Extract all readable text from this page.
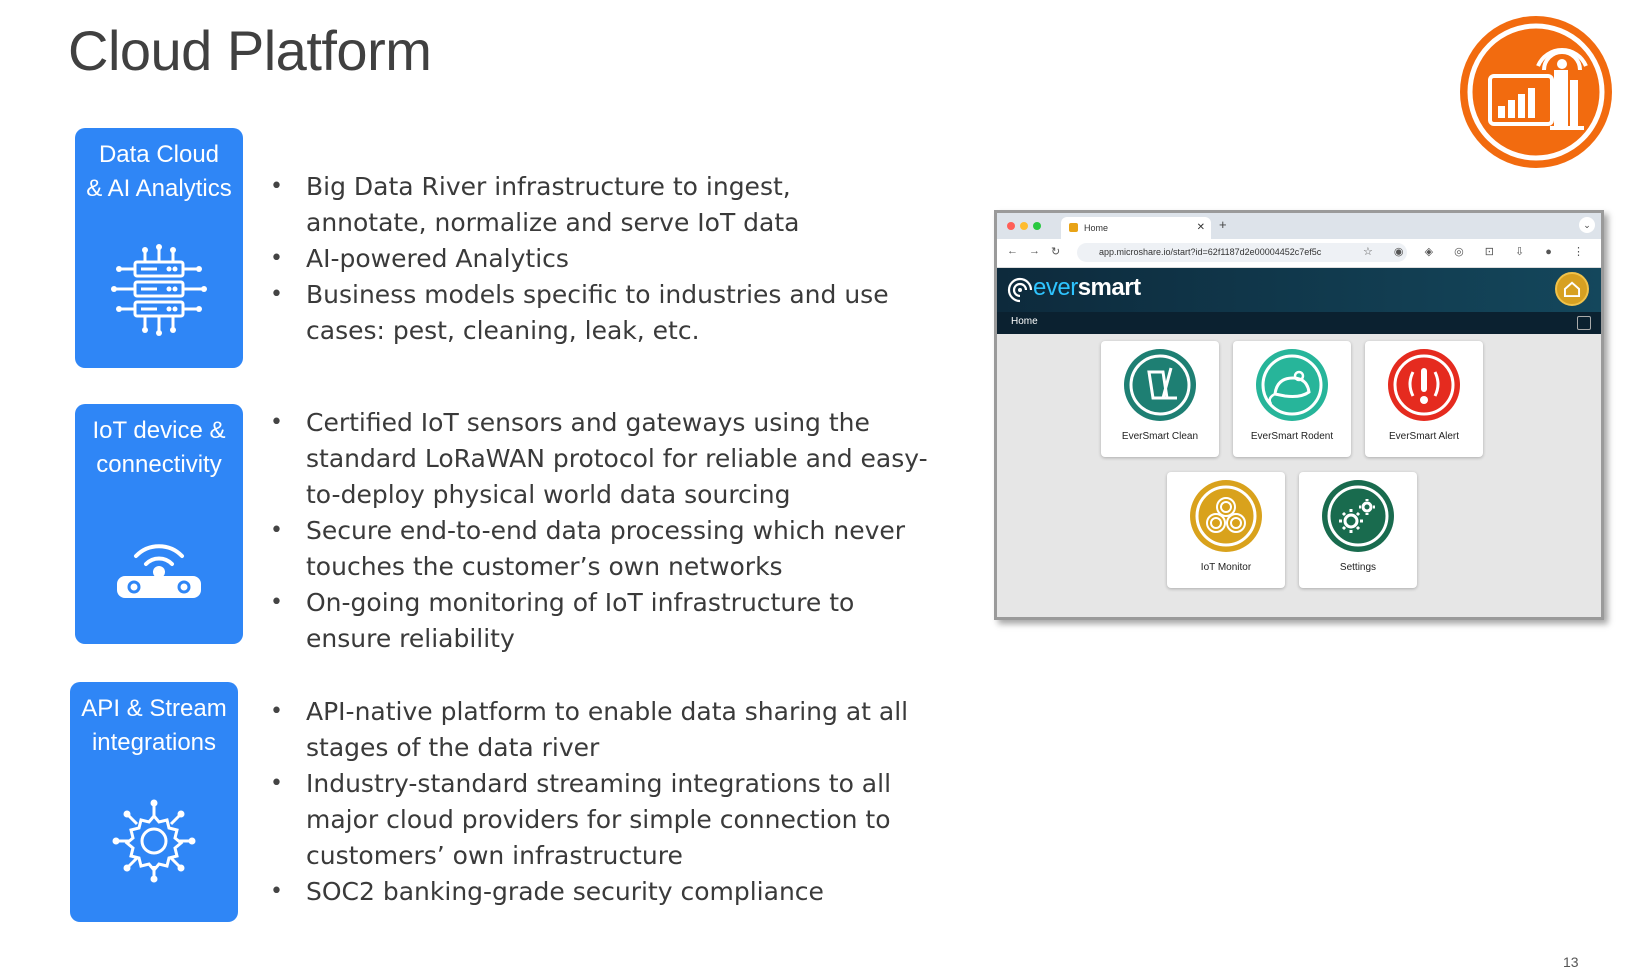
Cloud Platform
Data Cloud
& AI Analytics
•	Big Data River infrastructure to ingest, annotate, normalize and serve IoT data
• AI-powered Analytics
• Business models specific to industries and use cases: pest, cleaning, leak, etc.
IoT device &
connectivity
• Certified IoT sensors and gateways using the standard LoRaWAN protocol for reliable and easy-to-deploy physical world data sourcing
• Secure end-to-end data processing which never touches the customer’s own networks
• On-going monitoring of IoT infrastructure to ensure reliability
API & Stream
integrations
• API-native platform to enable data sharing at all stages of the data river
• Industry-standard streaming integrations to all major cloud providers for simple connection to customers’ own infrastructure
• SOC2 banking-grade security compliance
Home	✕ +	⌄
← → ↻	app.microshare.io/start?id=62f1187d2e00004452c7ef5c	☆ ◉ ◈ ◎ ⊡ ⇩ ● ⋮
eversmart
Home
EverSmart Clean	EverSmart Rodent	EverSmart Alert
IoT Monitor	Settings
13
